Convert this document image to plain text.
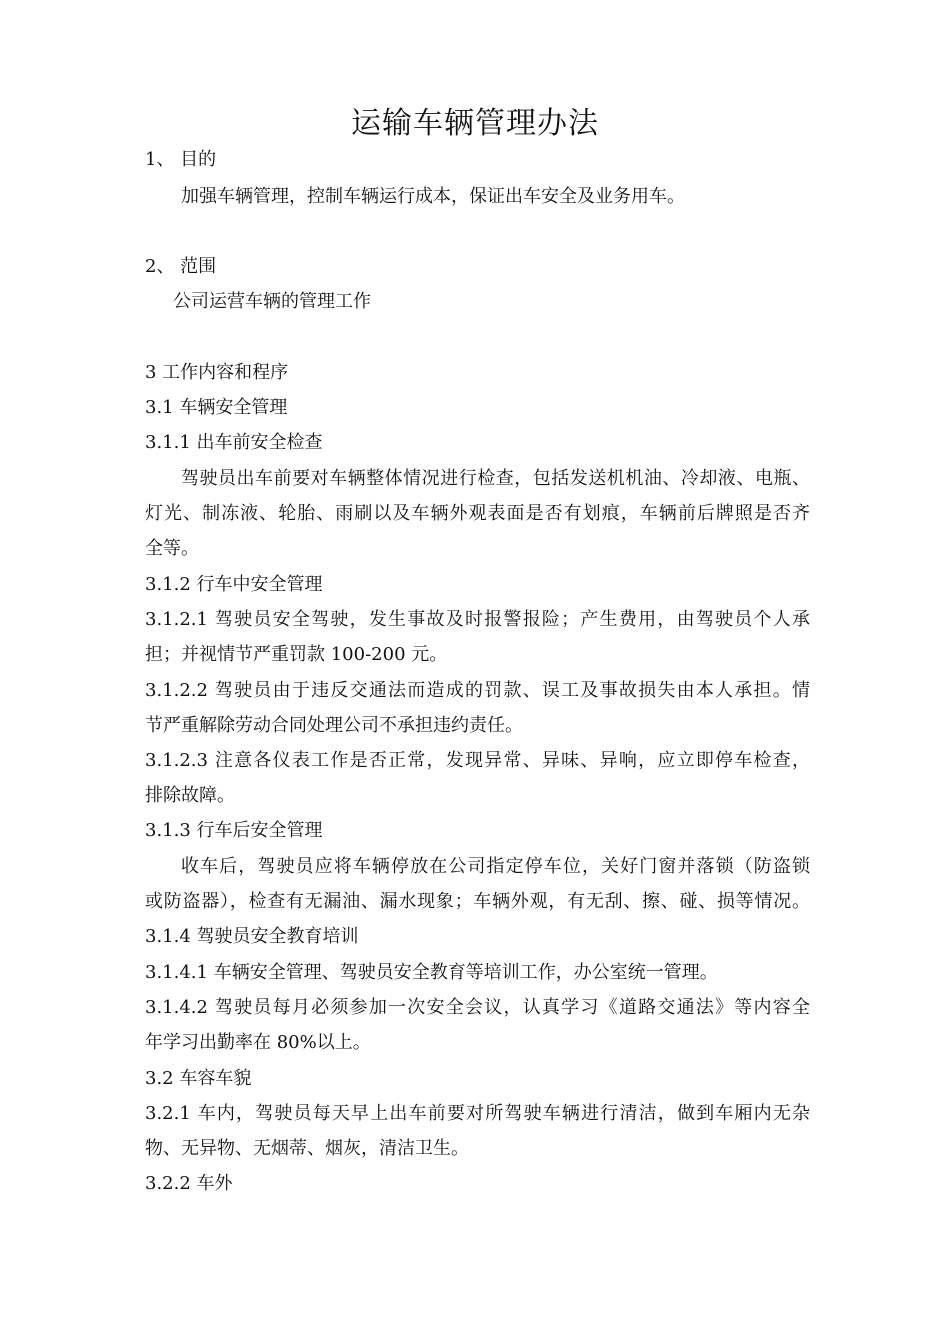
运输车辆管理办法
1、 目的
加强车辆管理，控制车辆运行成本，保证出车安全及业务用车。
2、 范围
公司运营车辆的管理工作
3 工作内容和程序
3.1 车辆安全管理
3.1.1 出车前安全检查
驾驶员出车前要对车辆整体情况进行检查，包括发送机机油、冷却液、电瓶、
灯光、制冻液、轮胎、雨刷以及车辆外观表面是否有划痕，车辆前后牌照是否齐
全等。
3.1.2 行车中安全管理
3.1.2.1 驾驶员安全驾驶，发生事故及时报警报险；产生费用，由驾驶员个人承
担；并视情节严重罚款 100-200 元。
3.1.2.2 驾驶员由于违反交通法而造成的罚款、误工及事故损失由本人承担。情
节严重解除劳动合同处理公司不承担违约责任。
3.1.2.3 注意各仪表工作是否正常，发现异常、异味、异响，应立即停车检查，
排除故障。
3.1.3 行车后安全管理
收车后，驾驶员应将车辆停放在公司指定停车位，关好门窗并落锁（防盗锁
或防盗器），检查有无漏油、漏水现象；车辆外观，有无刮、擦、碰、损等情况。
3.1.4 驾驶员安全教育培训
3.1.4.1 车辆安全管理、驾驶员安全教育等培训工作，办公室统一管理。
3.1.4.2 驾驶员每月必须参加一次安全会议，认真学习《道路交通法》等内容全
年学习出勤率在 80%以上。
3.2 车容车貌
3.2.1 车内，驾驶员每天早上出车前要对所驾驶车辆进行清洁，做到车厢内无杂
物、无异物、无烟蒂、烟灰，清洁卫生。
3.2.2 车外
